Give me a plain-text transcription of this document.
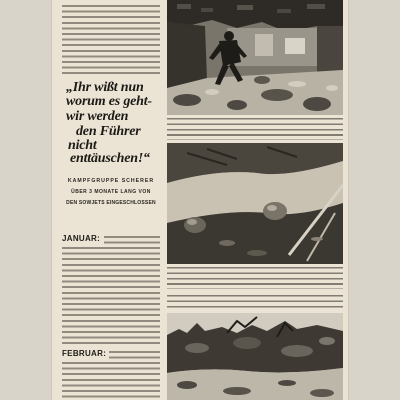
„Ihr wißt nun
worum es geht-
wir werden
den Führer
nicht
enttäuschen!“
KAMPFGRUPPE SCHERER
ÜBER 3 MONATE LANG VON
DEN SOWJETS EINGESCHLOSSEN
JANUAR:
FEBRUAR:
